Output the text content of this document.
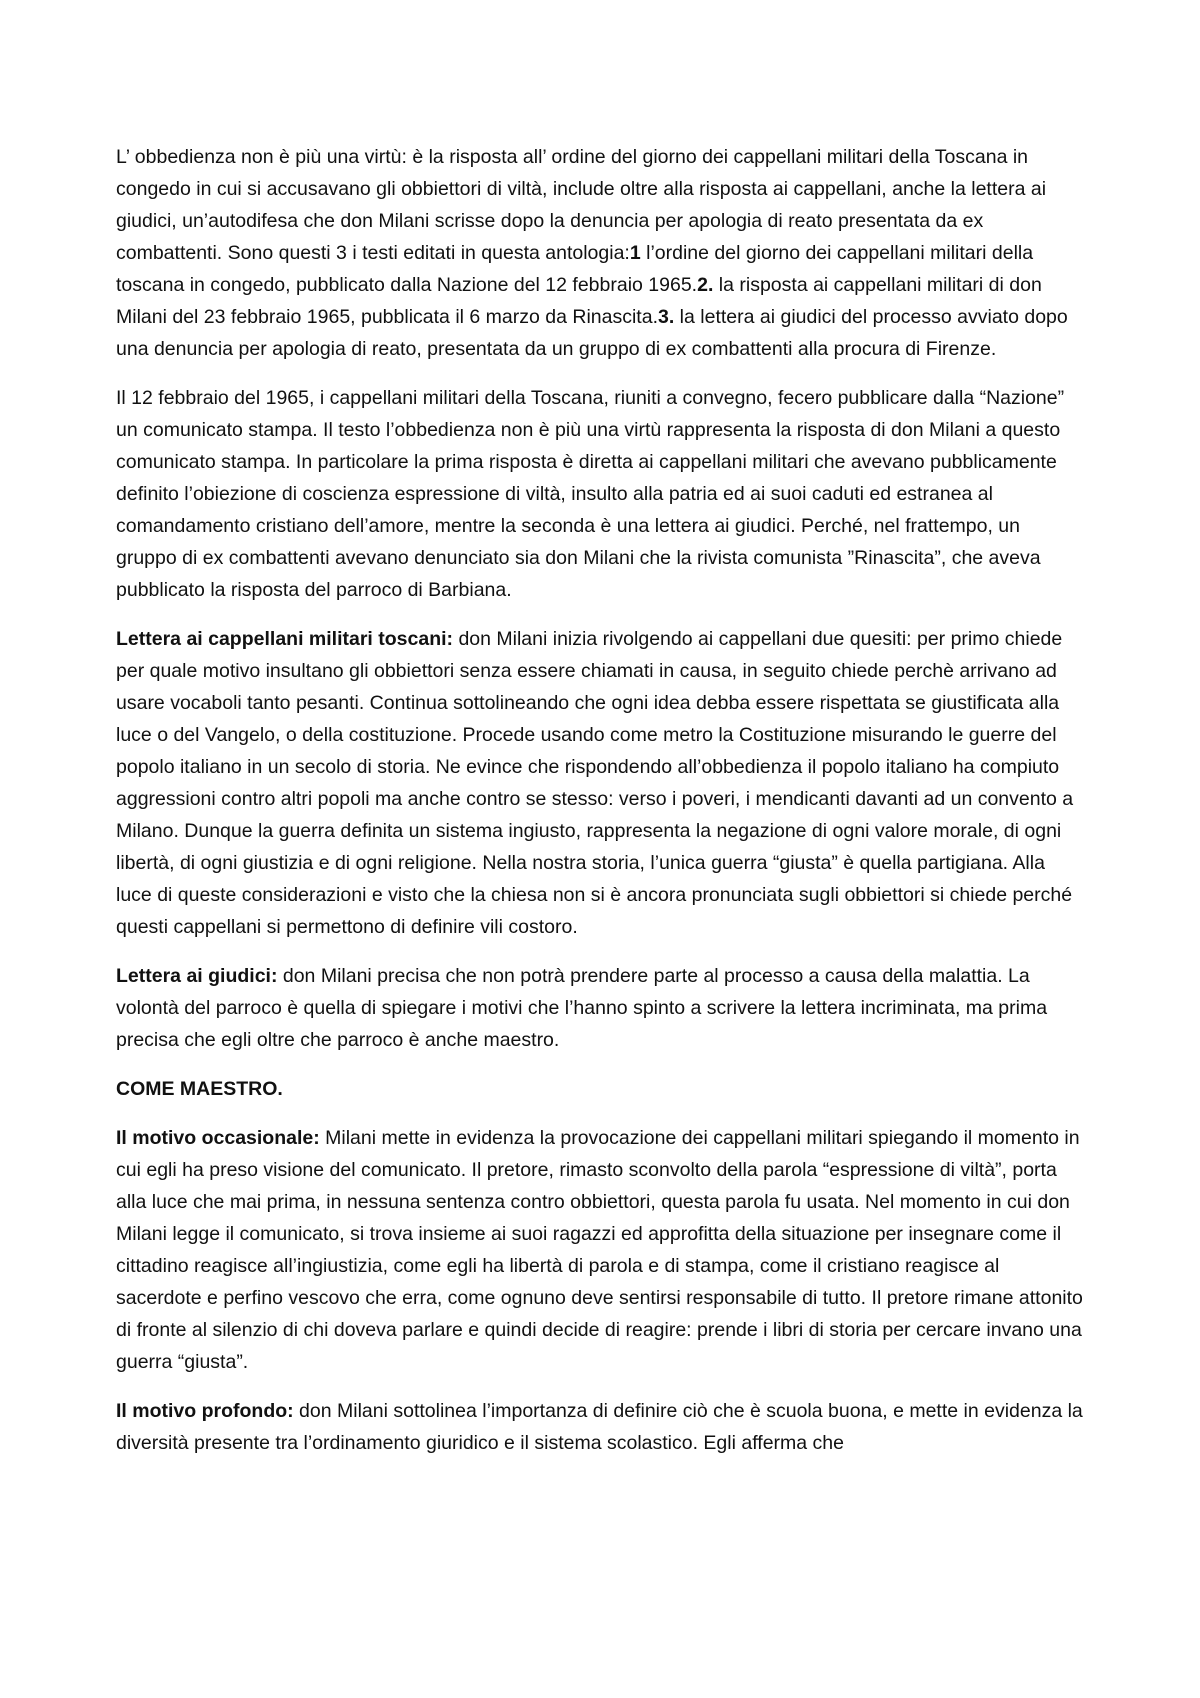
L’ obbedienza non è più una virtù: è la risposta all’ ordine del giorno dei cappellani militari della Toscana in congedo in cui si accusavano gli obbiettori di viltà, include oltre alla risposta ai cappellani, anche la lettera ai giudici, un’autodifesa che don Milani scrisse dopo la denuncia per apologia di reato presentata da ex combattenti. Sono questi 3 i testi editati in questa antologia:1 l’ordine del giorno dei cappellani militari della toscana in congedo, pubblicato dalla Nazione del 12 febbraio 1965.2. la risposta ai cappellani militari di don Milani del 23 febbraio 1965, pubblicata il 6 marzo da Rinascita.3. la lettera ai giudici del processo avviato dopo una denuncia per apologia di reato, presentata da un gruppo di ex combattenti alla procura di Firenze.

Il 12 febbraio del 1965, i cappellani militari della Toscana, riuniti a convegno, fecero pubblicare dalla “Nazione” un comunicato stampa. Il testo l’obbedienza non è più una virtù rappresenta la risposta di don Milani a questo comunicato stampa. In particolare la prima risposta è diretta ai cappellani militari che avevano pubblicamente definito l’obiezione di coscienza espressione di viltà, insulto alla patria ed ai suoi caduti ed estranea al comandamento cristiano dell’amore, mentre la seconda è una lettera ai giudici. Perché, nel frattempo, un gruppo di ex combattenti avevano denunciato sia don Milani che la rivista comunista ”Rinascita”, che aveva pubblicato la risposta del parroco di Barbiana.

Lettera ai cappellani militari toscani: don Milani inizia rivolgendo ai cappellani due quesiti: per primo chiede per quale motivo insultano gli obbiettori senza essere chiamati in causa, in seguito chiede perchè arrivano ad usare vocaboli tanto pesanti. Continua sottolineando che ogni idea debba essere rispettata se giustificata alla luce o del Vangelo, o della costituzione. Procede usando come metro la Costituzione misurando le guerre del popolo italiano in un secolo di storia. Ne evince che rispondendo all’obbedienza il popolo italiano ha compiuto aggressioni contro altri popoli ma anche contro se stesso: verso i poveri, i mendicanti davanti ad un convento a Milano. Dunque la guerra definita un sistema ingiusto, rappresenta la negazione di ogni valore morale, di ogni libertà, di ogni giustizia e di ogni religione. Nella nostra storia, l’unica guerra “giusta” è quella partigiana. Alla luce di queste considerazioni e visto che la chiesa non si è ancora pronunciata sugli obbiettori si chiede perché questi cappellani si permettono di definire vili costoro.

Lettera ai giudici: don Milani precisa che non potrà prendere parte al processo a causa della malattia. La volontà del parroco è quella di spiegare i motivi che l’hanno spinto a scrivere la lettera incriminata, ma prima precisa che egli oltre che parroco è anche maestro.

COME MAESTRO.

Il motivo occasionale: Milani mette in evidenza la provocazione dei cappellani militari spiegando il momento in cui egli ha preso visione del comunicato. Il pretore, rimasto sconvolto della parola “espressione di viltà”, porta alla luce che mai prima, in nessuna sentenza contro obbiettori, questa parola fu usata. Nel momento in cui don Milani legge il comunicato, si trova insieme ai suoi ragazzi ed approfitta della situazione per insegnare come il cittadino reagisce all’ingiustizia, come egli ha libertà di parola e di stampa, come il cristiano reagisce al sacerdote e perfino vescovo che erra, come ognuno deve sentirsi responsabile di tutto. Il pretore rimane attonito di fronte al silenzio di chi doveva parlare e quindi decide di reagire: prende i libri di storia per cercare invano una guerra “giusta”.

Il motivo profondo: don Milani sottolinea l’importanza di definire ciò che è scuola buona, e mette in evidenza la diversità presente tra l’ordinamento giuridico e il sistema scolastico. Egli afferma che
